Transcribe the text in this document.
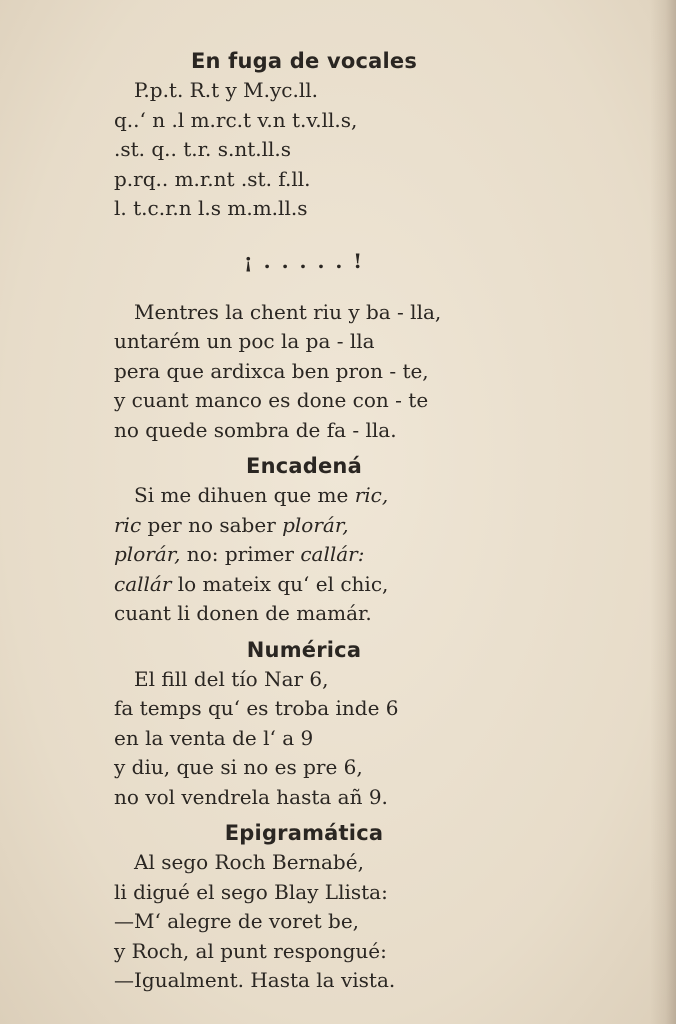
En fuga de vocales

P.p.t. R.t y M.yc.ll.

q..‘ n .l m.rc.t v.n t.v.ll.s,

.st. q.. t.r. s.nt.ll.s

p.rq.. m.r.nt .st. f.ll.

l. t.c.r.n l.s m.m.ll.s

¡ . . . . . !

Mentres la chent riu y ba - lla,

untarém un poc la pa - lla

pera que ardixca ben pron - te,

y cuant manco es done con - te

no quede sombra de fa - lla.

Encadená

Si me dihuen que me ric,

ric per no saber plorár,

plorár, no: primer callár:

callár lo mateix qu‘ el chic,

cuant li donen de mamár.

Numérica

El fill del tío Nar 6,

fa temps qu‘ es troba inde 6

en la venta de l‘ a 9

y diu, que si no es pre 6,

no vol vendrela hasta añ 9.

Epigramática

Al sego Roch Bernabé,

li digué el sego Blay Llista:

—M‘ alegre de voret be,

y Roch, al punt respongué:

—Igualment. Hasta la vista.
